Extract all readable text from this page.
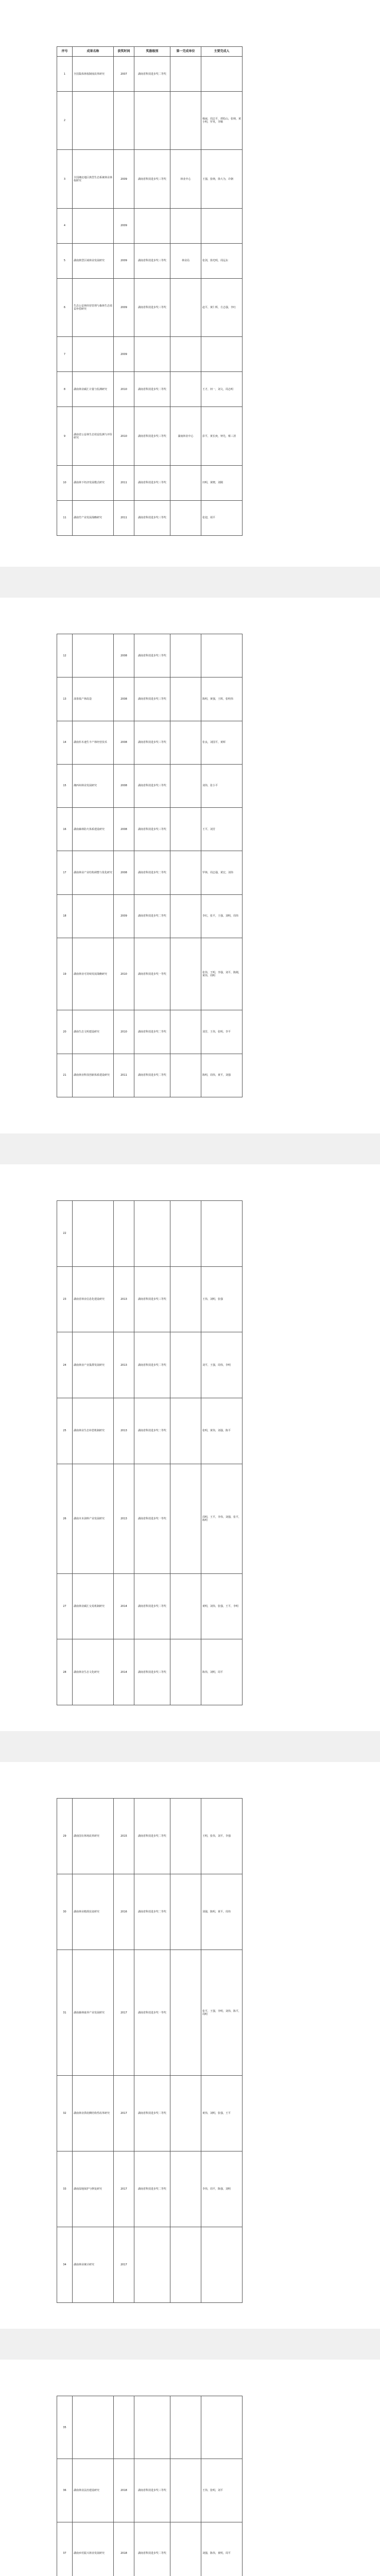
序号	成果名称	获奖时间	奖励级别	第一完成单位	主要完成人
1	全国集体林权制度改革研究	2007	湖南省科技进步奖二等奖		
2					杨丽，周志平，谭松山，张纳，黄小明，罗英，李顺
3	全国湘北地区典型生态系统林业林权研究	2009	湖南省科技进步奖三等奖	林业中心	王强，张纳，徐大为，许朝
4		2009			
5	湖南典型区域林业发展研究	2009	湖南省科技进步奖三等奖	林业局	张剑，徐光明，周远东
6	生态公益林经营管理与森林生态效益补偿研究	2009	湖南省科技进步奖三等奖		赵平，黄仁辉，方志强，李红
7		2009			
8	湖南林业碳汇计量与监测研究	2010	湖南省科技进步奖二等奖		王才，何一，刘文，周志明
9	湖南省公益林生态效益监测与评价研究	2010	湖南省科技进步奖三等奖	湖南林业中心	彭平，黄长庚，钟先，蔡三清
10	湖南林下经济发展模式研究	2011	湖南省科技进步奖三等奖		田明，黄晓，刘刚
11	湖南竹产业发展战略研究	2011	湖南省科技进步奖三等奖		张迎，胡平
12		2008	湖南省科技进步奖三等奖		
13	油茶低产林改造	2008	湖南省科技进步奖三等奖		陈明，黄强，王晖，张明伟
14	湖南杉木速生丰产林经营技术	2008	湖南省科技进步奖三等奖		张良，刘国平，黄晖
15	湘西州林业发展研究	2008	湖南省科技进步奖三等奖		刘伟，张小平
16	湖南森林防火体系建设研究	2008	湖南省科技进步奖三等奖		王平，刘芳
17	湖南林业产业结构调整与优化研究	2008	湖南省科技进步奖二等奖		罗林，周志强，黄宏，刘伟
18		2009	湖南省科技进步奖二等奖		李红，张平，王强，刘明，周伟
19	湖南林业可持续发展战略研究	2010	湖南省科技进步奖一等奖		张伟，王明，李强，刘平，陈刚，黄伟，周明
20	湖南生态文明建设研究	2010	湖南省科技进步奖二等奖		刘芳，王伟，张明，李平
21	湖南林业科技创新体系建设研究	2011	湖南省科技进步奖二等奖		陈明，周伟，黄平，刘强
22					
23	湖南省林业信息化建设研究	2013	湖南省科技进步奖三等奖		王伟，刘明，张强
24	湖南林业产业集群发展研究	2013	湖南省科技进步奖二等奖		刘平，王强，周伟，李明
25	湖南林业生态补偿机制研究	2013	湖南省科技进步奖二等奖		张明，黄伟，刘强，陈平
26	湖南木本油料产业发展研究	2013	湖南省科技进步奖一等奖		周明，王平，李伟，刘强，张平，陈明
27	湖南林业碳汇交易机制研究	2014	湖南省科技进步奖二等奖		黄明，刘伟，张强，王平，李明
28	湖南林业生态文化研究	2014	湖南省科技进步奖三等奖		陈伟，刘明，周平
29	湖南国有林场改革研究	2015	湖南省科技进步奖二等奖		王明，张伟，刘平，李强
30	湖南林业精准扶贫研究	2016	湖南省科技进步奖二等奖		刘强，陈明，黄平，周伟
31	湖南森林康养产业发展研究	2017	湖南省科技进步奖一等奖		张平，王强，李明，刘伟，陈平，周明
32	湖南林业供给侧结构性改革研究	2017	湖南省科技进步奖二等奖		黄伟，刘明，张强，王平
33	湖南湿地保护与修复研究	2017	湖南省科技进步奖二等奖		李伟，周平，陈强，刘明
34	湖南林业统计研究	2017			
35					
36	湖南林业法治建设研究	2018	湖南省科技进步奖三等奖		王伟，张明，刘平
37	湖南乡村振兴林业发展研究	2018	湖南省科技进步奖二等奖		刘强，陈伟，黄明，周平
